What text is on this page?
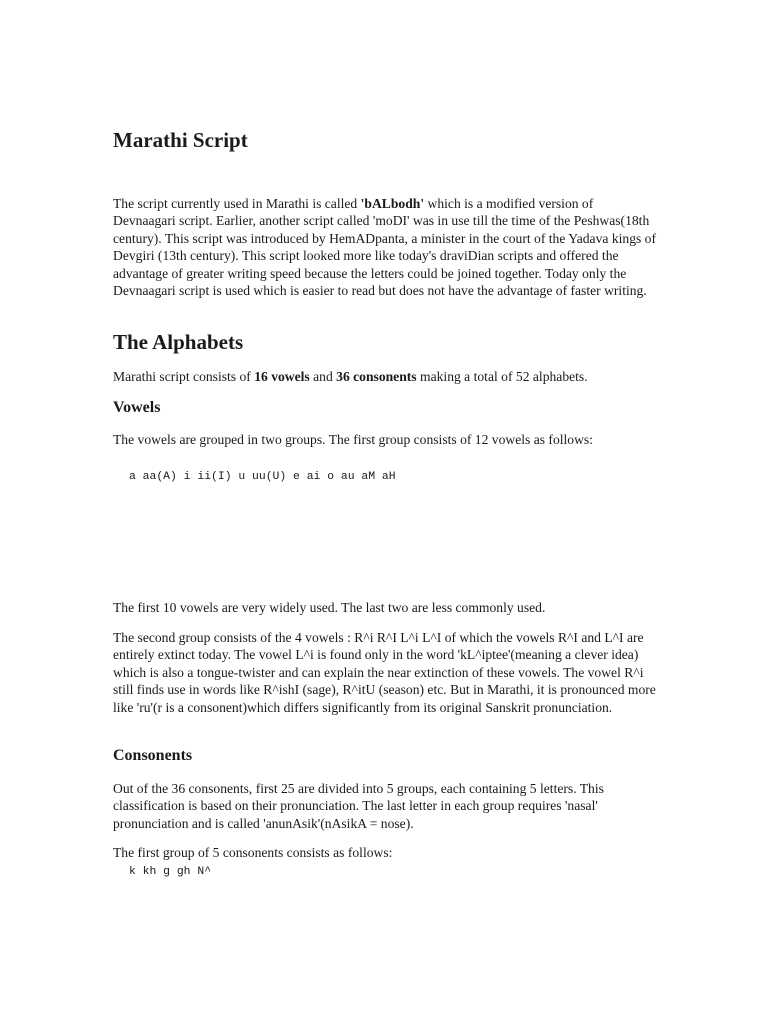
Marathi Script

The script currently used in Marathi is called 'bALbodh' which is a modified version of Devnaagari script. Earlier, another script called 'moDI' was in use till the time of the Peshwas(18th century). This script was introduced by HemADpanta, a minister in the court of the Yadava kings of Devgiri (13th century). This script looked more like today's draviDian scripts and offered the advantage of greater writing speed because the letters could be joined together. Today only the Devnaagari script is used which is easier to read but does not have the advantage of faster writing.

The Alphabets

Marathi script consists of 16 vowels and 36 consonents making a total of 52 alphabets.

Vowels

The vowels are grouped in two groups. The first group consists of 12 vowels as follows:

a aa(A) i ii(I) u uu(U) e ai o au aM aH

The first 10 vowels are very widely used. The last two are less commonly used.

The second group consists of the 4 vowels : R^i R^I L^i L^I of which the vowels R^I and L^I are entirely extinct today. The vowel L^i is found only in the word 'kL^iptee'(meaning a clever idea) which is also a tongue-twister and can explain the near extinction of these vowels. The vowel R^i still finds use in words like R^ishI (sage), R^itU (season) etc. But in Marathi, it is pronounced more like 'ru'(r is a consonent)which differs significantly from its original Sanskrit pronunciation.

Consonents

Out of the 36 consonents, first 25 are divided into 5 groups, each containing 5 letters. This classification is based on their pronunciation. The last letter in each group requires 'nasal' pronunciation and is called 'anunAsik'(nAsikA = nose).

The first group of 5 consonents consists as follows:

k kh g gh N^
